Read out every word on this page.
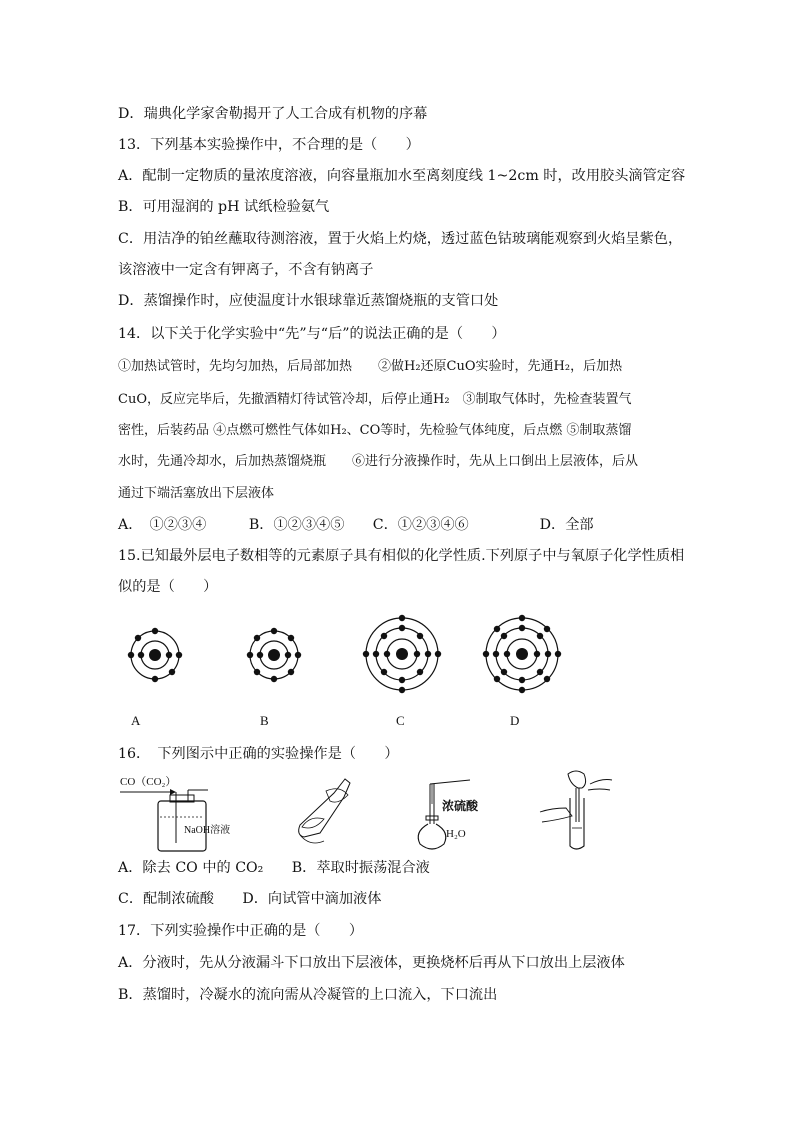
D．瑞典化学家舍勒揭开了人工合成有机物的序幕
13．下列基本实验操作中，不合理的是（　　）
A．配制一定物质的量浓度溶液，向容量瓶加水至离刻度线 1~2cm 时，改用胶头滴管定容
B．可用湿润的 pH 试纸检验氨气
C．用洁净的铂丝蘸取待测溶液，置于火焰上灼烧，透过蓝色钴玻璃能观察到火焰呈紫色，
该溶液中一定含有钾离子，不含有钠离子
D．蒸馏操作时，应使温度计水银球靠近蒸馏烧瓶的支管口处
14．以下关于化学实验中“先”与“后”的说法正确的是（　　）
①加热试管时，先均匀加热，后局部加热　　②做H₂还原CuO实验时，先通H₂，后加热
CuO，反应完毕后，先撤酒精灯待试管冷却，后停止通H₂　③制取气体时，先检查装置气
密性，后装药品 ④点燃可燃性气体如H₂、CO等时，先检验气体纯度，后点燃 ⑤制取蒸馏
水时，先通冷却水，后加热蒸馏烧瓶　　⑥进行分液操作时，先从上口倒出上层液体，后从
通过下端活塞放出下层液体
A．　①②③④　　　B．①②③④⑤　　C．①②③④⑥　　　　　D．全部
15.已知最外层电子数相等的元素原子具有相似的化学性质.下列原子中与氧原子化学性质相
似的是（　　）
A	B	C	D
16．　下列图示中正确的实验操作是（　　）
CO（CO₂）
NaOH溶液
浓硫酸
H₂O
A．除去 CO 中的 CO₂　　B．萃取时振荡混合液
C．配制浓硫酸　　D．向试管中滴加液体
17．下列实验操作中正确的是（　　）
A．分液时，先从分液漏斗下口放出下层液体，更换烧杯后再从下口放出上层液体
B．蒸馏时，冷凝水的流向需从冷凝管的上口流入，下口流出
